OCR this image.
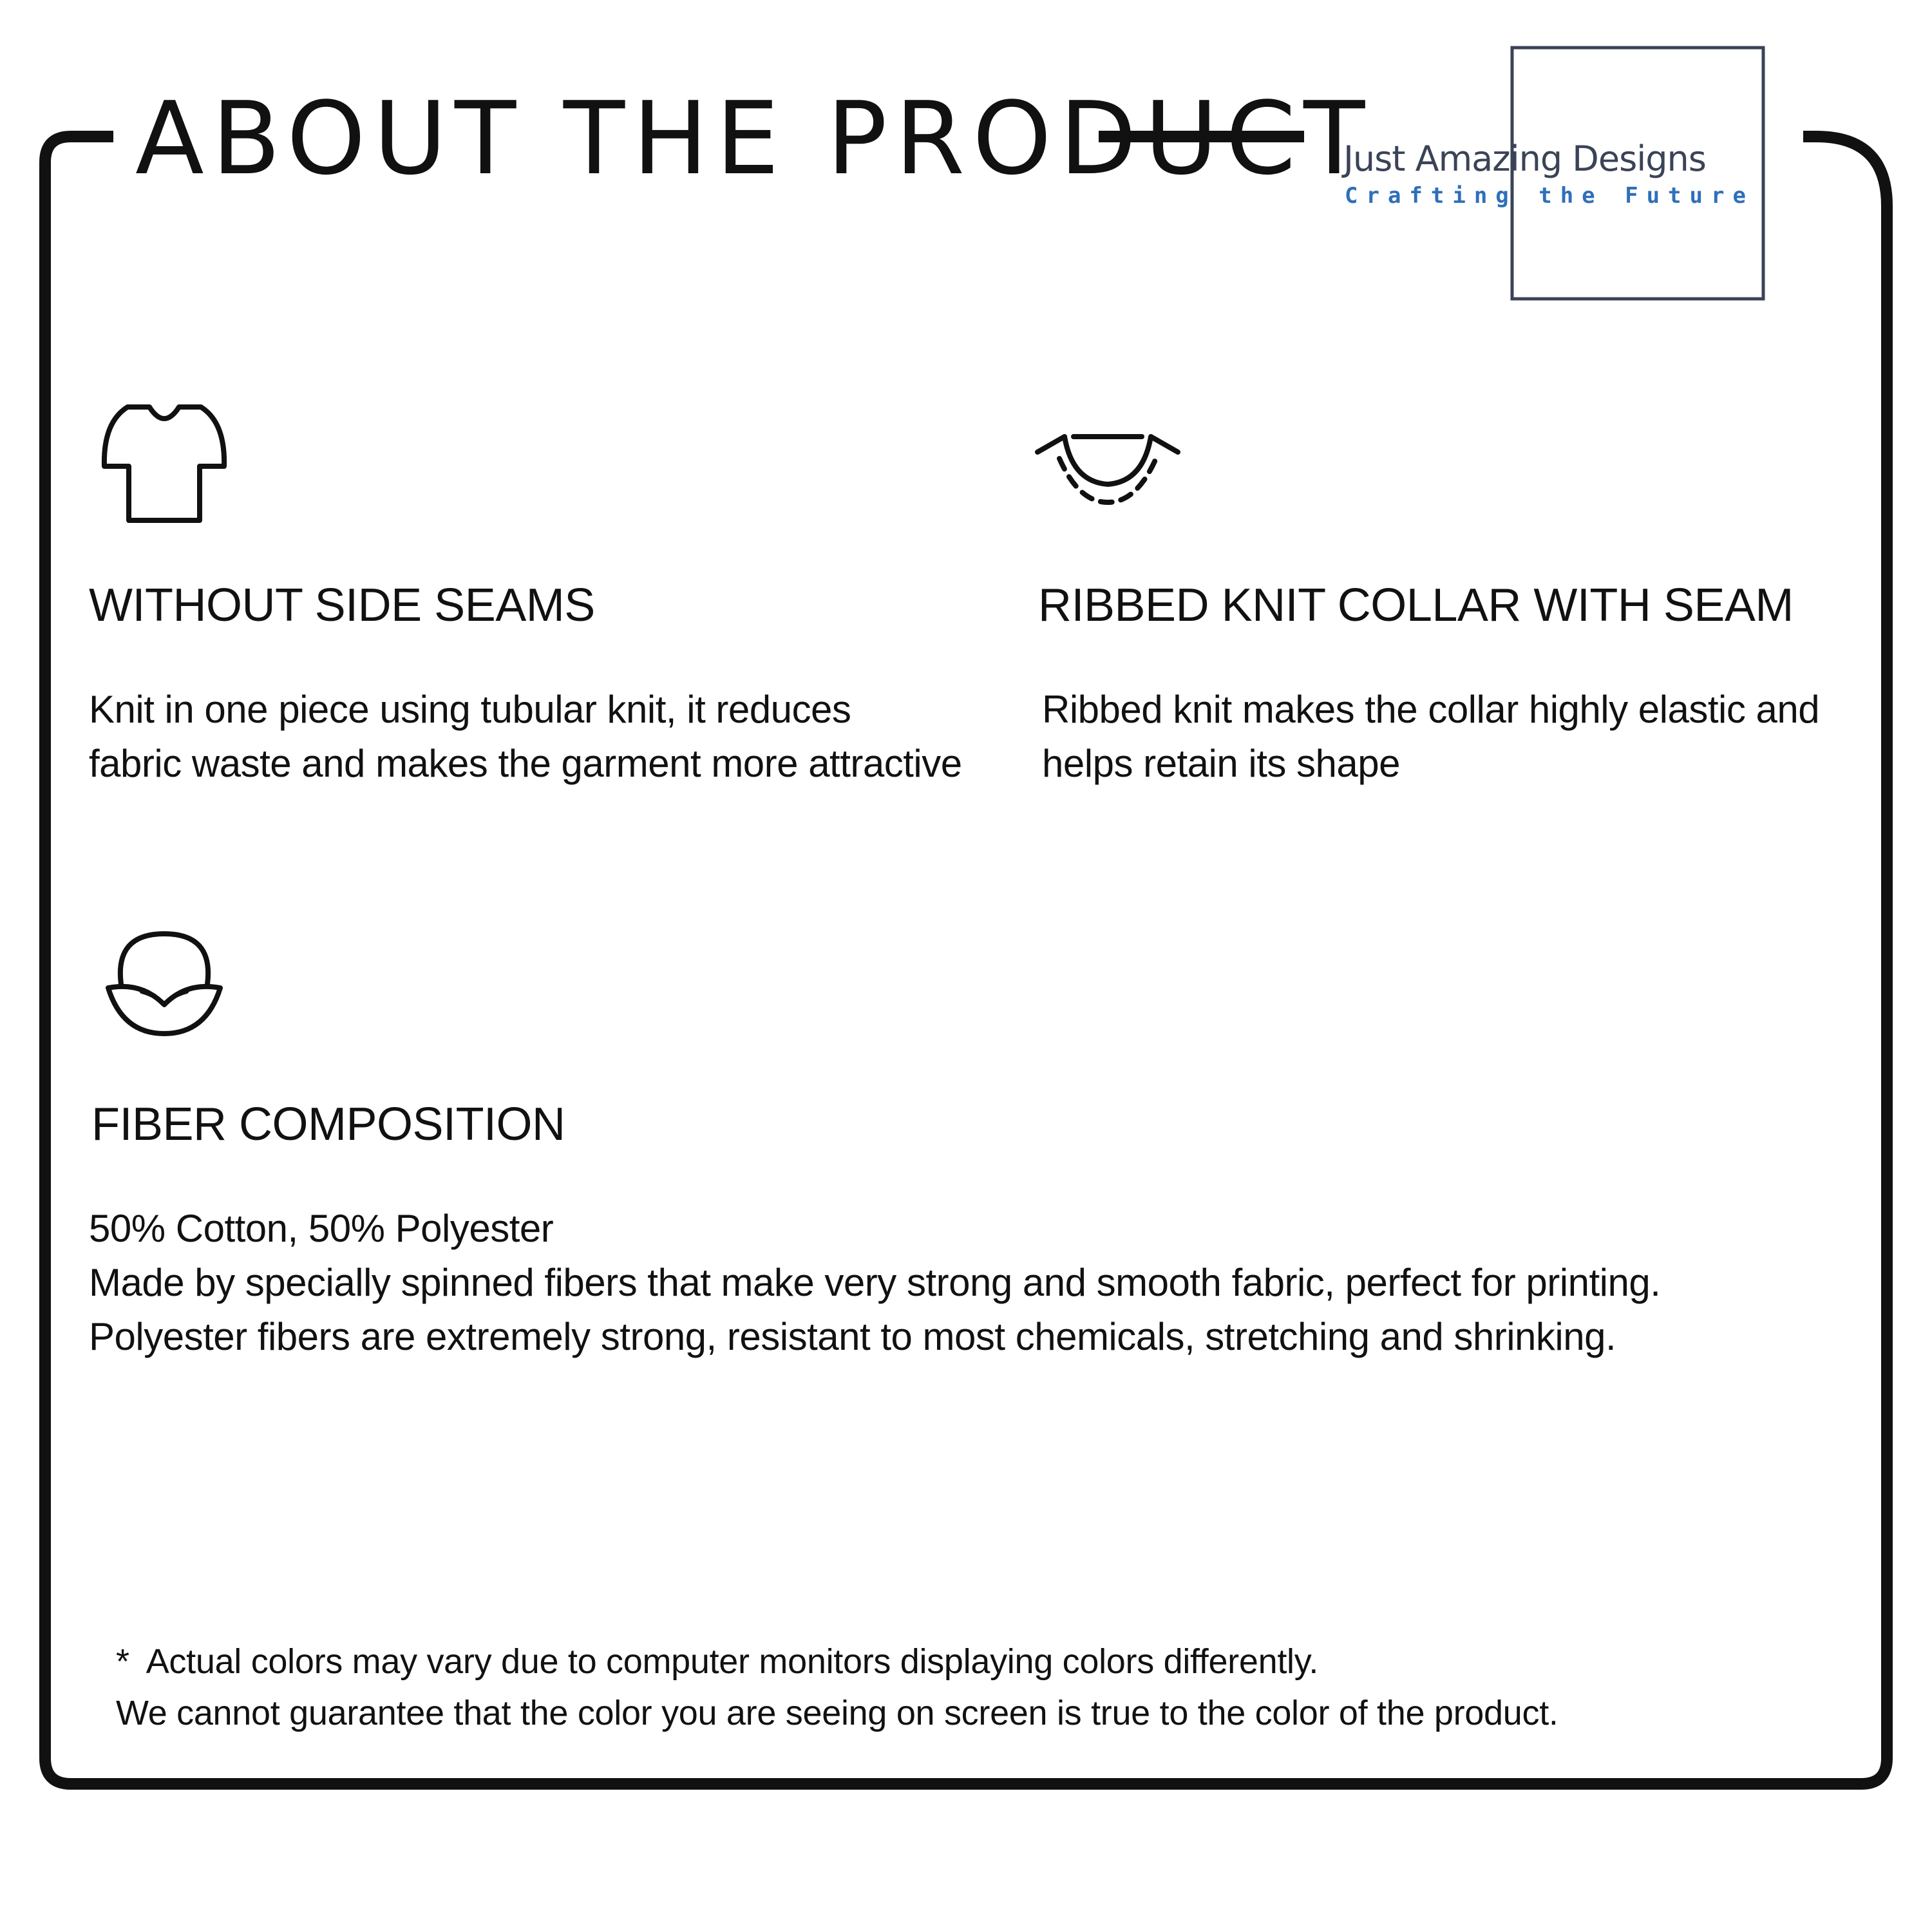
ABOUT THE PRODUCT
Just Amazing Designs
Crafting the Future
WITHOUT SIDE SEAMS
Knit in one piece using tubular knit, it reduces
fabric waste and makes the garment more attractive
RIBBED KNIT COLLAR WITH SEAM
Ribbed knit makes the collar highly elastic and
helps retain its shape
FIBER COMPOSITION
50% Cotton, 50% Polyester
Made by specially spinned fibers that make very strong and smooth fabric, perfect for printing.
Polyester fibers are extremely strong, resistant to most chemicals, stretching and shrinking.
* Actual colors may vary due to computer monitors displaying colors differently.
We cannot guarantee that the color you are seeing on screen is true to the color of the product.
